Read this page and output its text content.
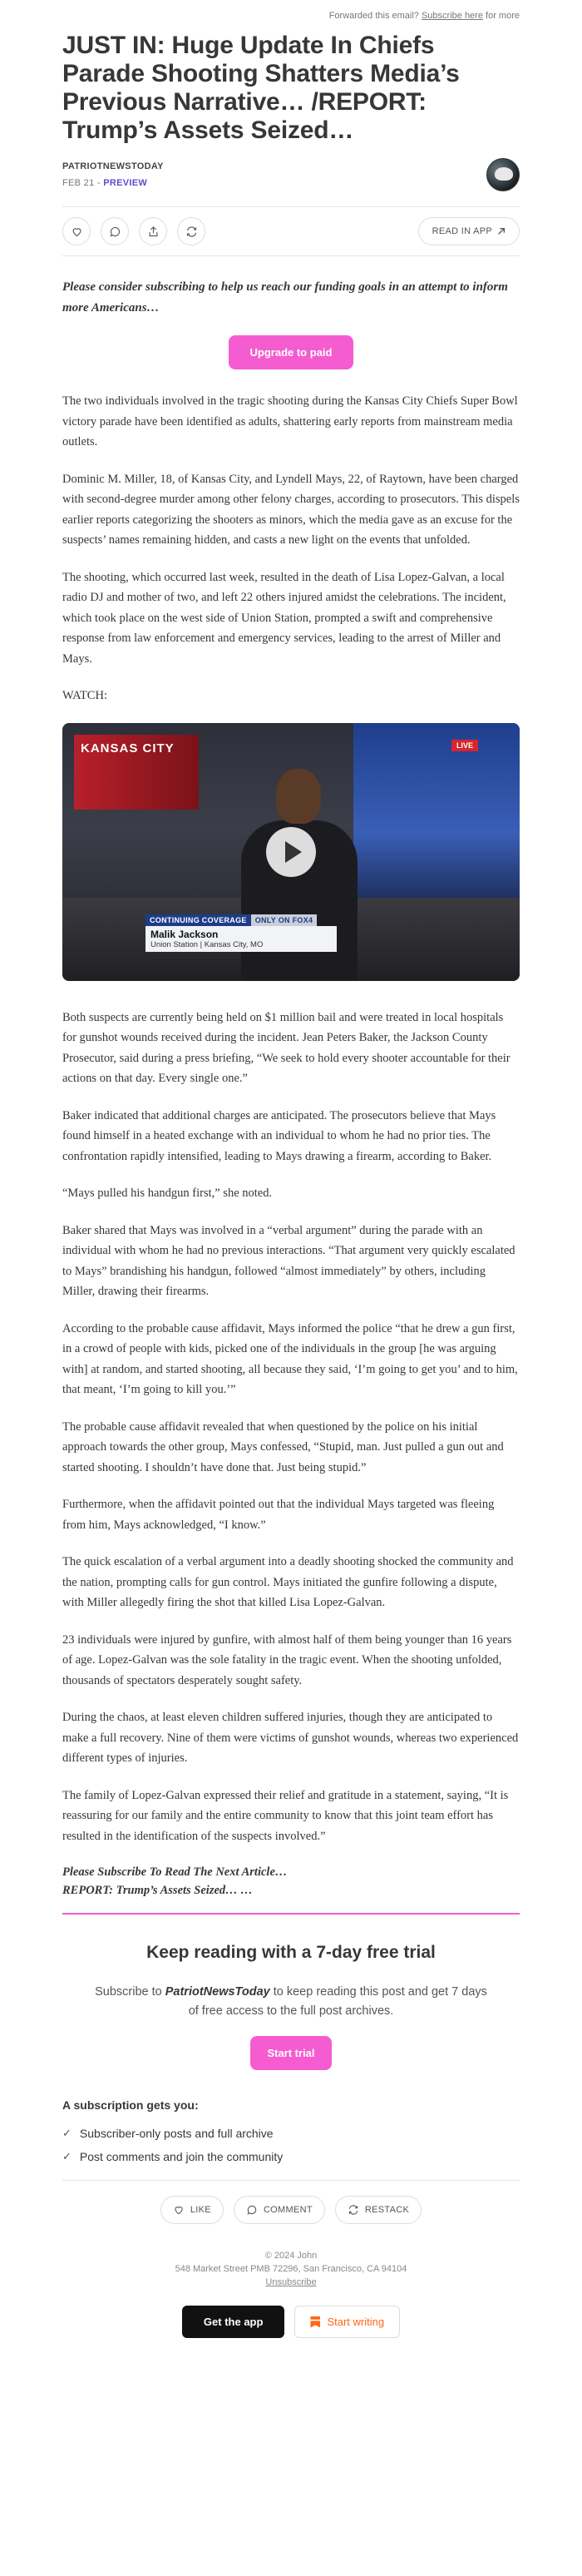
Forwarded this email? Subscribe here for more
JUST IN: Huge Update In Chiefs Parade Shooting Shatters Media’s Previous Narrative… /REPORT: Trump’s Assets Seized…
PATRIOTNEWSTODAY
FEB 21 - PREVIEW
READ IN APP

Please consider subscribing to help us reach our funding goals in an attempt to inform more Americans…

Upgrade to paid

The two individuals involved in the tragic shooting during the Kansas City Chiefs Super Bowl victory parade have been identified as adults, shattering early reports from mainstream media outlets.

Dominic M. Miller, 18, of Kansas City, and Lyndell Mays, 22, of Raytown, have been charged with second-degree murder among other felony charges, according to prosecutors. This dispels earlier reports categorizing the shooters as minors, which the media gave as an excuse for the suspects’ names remaining hidden, and casts a new light on the events that unfolded.

The shooting, which occurred last week, resulted in the death of Lisa Lopez-Galvan, a local radio DJ and mother of two, and left 22 others injured amidst the celebrations. The incident, which took place on the west side of Union Station, prompted a swift and comprehensive response from law enforcement and emergency services, leading to the arrest of Miller and Mays.

WATCH:

KANSAS CITY	LIVE
CONTINUING COVERAGE	ONLY ON FOX4
Malik Jackson
Union Station | Kansas City, MO

Both suspects are currently being held on $1 million bail and were treated in local hospitals for gunshot wounds received during the incident. Jean Peters Baker, the Jackson County Prosecutor, said during a press briefing, “We seek to hold every shooter accountable for their actions on that day. Every single one.”

Baker indicated that additional charges are anticipated. The prosecutors believe that Mays found himself in a heated exchange with an individual to whom he had no prior ties. The confrontation rapidly intensified, leading to Mays drawing a firearm, according to Baker.

“Mays pulled his handgun first,” she noted.

Baker shared that Mays was involved in a “verbal argument” during the parade with an individual with whom he had no previous interactions. “That argument very quickly escalated to Mays” brandishing his handgun, followed “almost immediately” by others, including Miller, drawing their firearms.

According to the probable cause affidavit, Mays informed the police “that he drew a gun first, in a crowd of people with kids, picked one of the individuals in the group [he was arguing with] at random, and started shooting, all because they said, ‘I’m going to get you’ and to him, that meant, ‘I’m going to kill you.’”

The probable cause affidavit revealed that when questioned by the police on his initial approach towards the other group, Mays confessed, “Stupid, man. Just pulled a gun out and started shooting. I shouldn’t have done that. Just being stupid.”

Furthermore, when the affidavit pointed out that the individual Mays targeted was fleeing from him, Mays acknowledged, “I know.”

The quick escalation of a verbal argument into a deadly shooting shocked the community and the nation, prompting calls for gun control. Mays initiated the gunfire following a dispute, with Miller allegedly firing the shot that killed Lisa Lopez-Galvan.

23 individuals were injured by gunfire, with almost half of them being younger than 16 years of age. Lopez-Galvan was the sole fatality in the tragic event. When the shooting unfolded, thousands of spectators desperately sought safety.

During the chaos, at least eleven children suffered injuries, though they are anticipated to make a full recovery. Nine of them were victims of gunshot wounds, whereas two experienced different types of injuries.

The family of Lopez-Galvan expressed their relief and gratitude in a statement, saying, “It is reassuring for our family and the entire community to know that this joint team effort has resulted in the identification of the suspects involved.”

Please Subscribe To Read The Next Article…
REPORT: Trump’s Assets Seized… …
Keep reading with a 7-day free trial

Subscribe to PatriotNewsToday to keep reading this post and get 7 days of free access to the full post archives.

Start trial
A subscription gets you:
✓ Subscriber-only posts and full archive
✓ Post comments and join the community
LIKE	COMMENT	RESTACK
© 2024 John
548 Market Street PMB 72296, San Francisco, CA 94104
Unsubscribe
Get the app	Start writing
